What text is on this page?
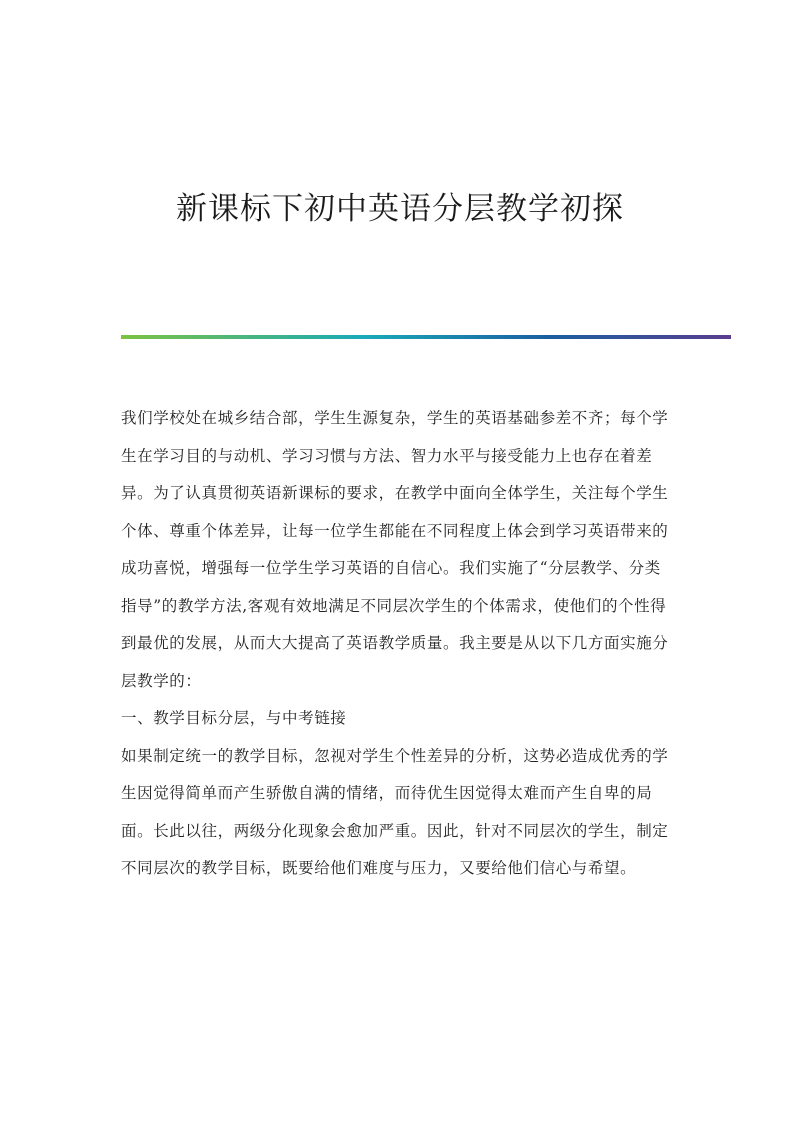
新课标下初中英语分层教学初探
我们学校处在城乡结合部，学生生源复杂，学生的英语基础参差不齐；每个学
生在学习目的与动机、学习习惯与方法、智力水平与接受能力上也存在着差
异。为了认真贯彻英语新课标的要求，在教学中面向全体学生，关注每个学生
个体、尊重个体差异，让每一位学生都能在不同程度上体会到学习英语带来的
成功喜悦，增强每一位学生学习英语的自信心。我们实施了“分层教学、分类
指导”的教学方法,客观有效地满足不同层次学生的个体需求，使他们的个性得
到最优的发展，从而大大提高了英语教学质量。我主要是从以下几方面实施分
层教学的：
一、教学目标分层，与中考链接
如果制定统一的教学目标，忽视对学生个性差异的分析，这势必造成优秀的学
生因觉得简单而产生骄傲自满的情绪，而待优生因觉得太难而产生自卑的局
面。长此以往，两级分化现象会愈加严重。因此，针对不同层次的学生，制定
不同层次的教学目标，既要给他们难度与压力，又要给他们信心与希望。
